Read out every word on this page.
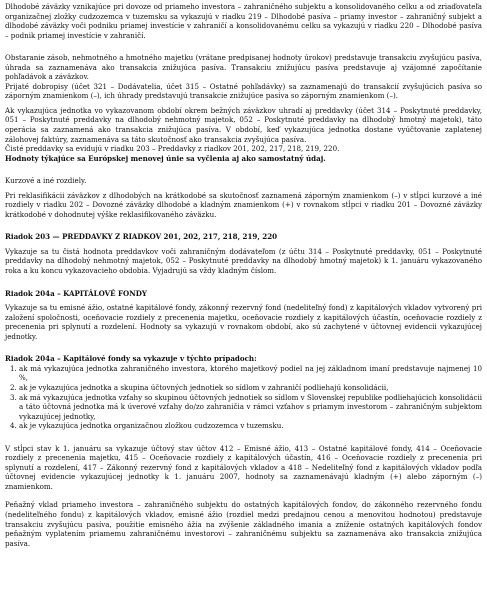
Dlhodobé záväzky vznikajúce pri dovoze od priameho investora – zahraničného subjektu a konsolidovaného celku a od zriaďovateľa organizačnej zložky cudzozemca v tuzemsku sa vykazujú v riadku 219 – Dlhodobé pasíva – priamy investor – zahraničný subjekt a dlhodobé záväzky voči podniku priamej investície v zahraničí a konsolidovanému celku sa vykazujú v riadku 220 – Dlhodobé pasíva – podnik priamej investície v zahraničí.

Obstaranie zásob, nehmotného a hmotného majetku (vrátane predpisanej hodnoty úrokov) predstavuje transakciu zvyšujúcu pasíva, úhrada sa zaznamenáva ako transakcia znižujúca pasíva. Transakciu znižujúcu pasíva predstavuje aj vzájomné započítanie pohľadávok a záväzkov.

Prijaté dobropisy (účet 321 – Dodávatelia, účet 315 – Ostatné pohľadávky) sa zaznamenajú do transakcií zvyšujúcich pasíva so záporným znamienkom (–), ich úhrady predstavujú transakcie znižujúce pasíva so záporným znamienkom (–).

Ak vykazujúca jednotka vo vykazovanom období okrem bežných záväzkov uhradí aj preddavky (účet 314 – Poskytnuté preddavky, 051 – Poskytnuté preddavky na dlhodobý nehmotný majetok, 052 – Poskytnuté preddavky na dlhodobý hmotný majetok), táto operácia sa zaznamená ako transakcia znižujúca pasíva. V období, keď vykazujúca jednotka dostane vyúčtovanie zaplatenej zálohovej faktúry, zaznamenáva sa táto skutočnosť ako transakcia zvyšujúca pasíva.

Čisté preddavky sa evidujú v riadku 203 – Preddavky z riadkov 201, 202, 217, 218, 219, 220.

Hodnoty týkajúce sa Európskej menovej únie sa vyčlenia aj ako samostatný údaj.

Kurzové a iné rozdiely.

Pri reklasifikácii záväzkov z dlhodobých na krátkodobé sa skutočnosť zaznamená záporným znamienkom (–) v stĺpci kurzové a iné rozdiely v riadku 202 – Dovozné záväzky dlhodobé a kladným znamienkom (+) v rovnakom stĺpci v riadku 201 – Dovozné záväzky krátkodobé v dohodnutej výške reklasifikovaného záväzku.

Riadok 203 — PREDDAVKY Z RIADKOV 201, 202, 217, 218, 219, 220

Vykazuje sa tu čistá hodnota preddavkov voči zahraničným dodávateľom (z účtu 314 – Poskytnuté preddavky, 051 – Poskytnuté preddavky na dlhodobý nehmotný majetok, 052 – Poskytnuté preddavky na dlhodobý hmotný majetok) k 1. januáru vykazovaného roka a ku koncu vykazovacieho obdobia. Vyjadrujú sa vždy kladným číslom.

Riadok 204a – KAPITÁLOVÉ FONDY

Vykazuje sa tu emisné ážio, ostatné kapitálové fondy, zákonný rezervný fond (nedeliteľný fond) z kapitálových vkladov vytvorený pri založení spoločnosti, oceňovacie rozdiely z precenenia majetku, oceňovacie rozdiely z kapitálových účastín, oceňovacie rozdiely z precenenia pri splynutí a rozdelení. Hodnoty sa vykazujú v rovnakom období, ako sú zachytené v účtovnej evidencii vykazujúcej jednotky.

Riadok 204a – Kapitálové fondy sa vykazuje v týchto prípadoch:

1. ak má vykazujúca jednotka zahraničného investora, ktorého majetkový podiel na jej základnom imaní predstavuje najmenej 10 %,
2. ak je vykazujúca jednotka a skupina účtovných jednotiek so sídlom v zahraničí podliehajú konsolidácii,
3. ak má vykazujúca jednotka vzťahy so skupinou účtovných jednotiek so sídlom v Slovenskej republike podliehajúcich konsolidácii a táto účtovná jednotka má k úverové vzťahy do/zo zahraničia v rámci vzťahov s priamym investorom – zahraničným subjektom vykazujúcej jednotky,
4. ak je vykazujúca jednotka organizačnou zložkou cudzozemca v tuzemsku.

V stĺpci stav k 1. januáru sa vykazuje účtový stav účtov 412 – Emisné ážio, 413 – Ostatné kapitálové fondy, 414 – Oceňovacie rozdiely z precenenia majetku, 415 – Oceňovacie rozdiely z kapitálových účastín, 416 – Oceňovacie rozdiely z precenenia pri splynutí a rozdelení, 417 – Zákonný rezervný fond z kapitálových vkladov a 418 – Nedeliteľný fond z kapitálových vkladov podľa účtovnej evidencie vykazujúcej jednotky k 1. januáru 2007, hodnoty sa zaznamenávajú kladným (+) alebo záporným (–) znamienkom.

Peňažný vklad priameho investora – zahraničného subjektu do ostatných kapitálových fondov, do zákonného rezervného fondu (nedeliteľného fondu) z kapitálových vkladov, emisné ážio (rozdiel medzi predajnou cenou a menovitou hodnotou) predstavuje transakciu zvyšujúcu pasíva, použitie emisného ážia na zvýšenie základného imania a zníženie ostatných kapitálových fondov peňažným vyplatením priamemu zahraničnému investorovi – zahraničnému subjektu sa zaznamenáva ako transakcia znižujúca pasíva.
